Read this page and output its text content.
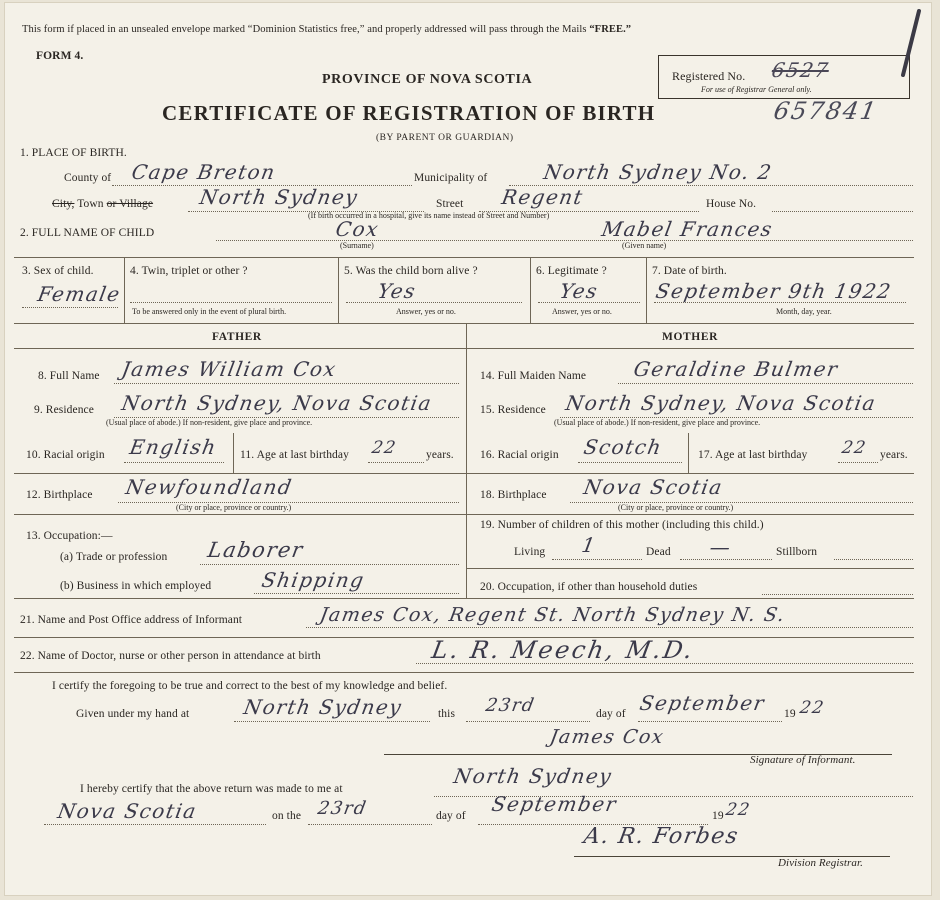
This form if placed in an unsealed envelope marked “Dominion Statistics free,” and properly addressed will pass through the Mails “FREE.”
FORM 4.
PROVINCE OF NOVA SCOTIA
CERTIFICATE OF REGISTRATION OF BIRTH
(BY PARENT OR GUARDIAN)
Registered No. 6527
For use of Registrar General only.
657841
1. PLACE OF BIRTH.
County of Cape Breton	Municipality of	North Sydney No. 2
City, Town or Village North Sydney	Street Regent	House No.
(If birth occurred in a hospital, give its name instead of Street and Number)
2. FULL NAME OF CHILD	Cox	Mabel Frances
(Surname)	(Given name)
3. Sex of child.
Female
4. Twin, triplet or other ?
To be answered only in the event of plural birth.
5. Was the child born alive ?
Yes
Answer, yes or no.
6. Legitimate ?
Yes
Answer, yes or no.
7. Date of birth.
September 9th 1922
Month, day, year.
FATHER	MOTHER
8. Full Name James William Cox
9. Residence North Sydney, Nova Scotia
(Usual place of abode.) If non-resident, give place and province.
10. Racial origin English 11. Age at last birthday 22 years.
12. Birthplace Newfoundland
(City or place, province or country.)
13. Occupation:—
(a) Trade or profession Laborer
(b) Business in which employed Shipping
14. Full Maiden Name Geraldine Bulmer
15. Residence North Sydney, Nova Scotia
(Usual place of abode.) If non-resident, give place and province.
16. Racial origin Scotch	17. Age at last birthday 22 years.
18. Birthplace Nova Scotia
(City or place, province or country.)
19. Number of children of this mother (including this child.)
Living 1	Dead —	Stillborn
20. Occupation, if other than household duties
21. Name and Post Office address of Informant	James Cox, Regent St. North Sydney N. S.
22. Name of Doctor, nurse or other person in attendance at birth	L. R. Meech, M.D.
I certify the foregoing to be true and correct to the best of my knowledge and belief.
Given under my hand at	North Sydney	this 23rd	day of September 19 22
James Cox
Signature of Informant.
I hereby certify that the above return was made to me at
North Sydney
Nova Scotia	on the 23rd	day of September	19 22
A. R. Forbes
Division Registrar.
